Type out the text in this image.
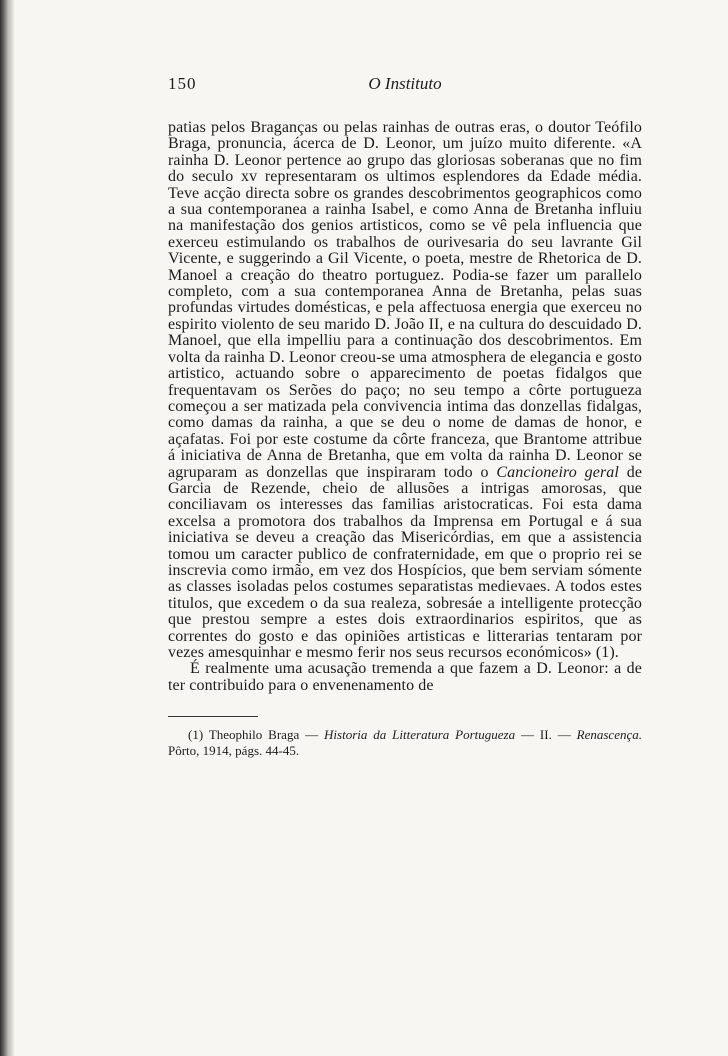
150	O Instituto

patias pelos Braganças ou pelas rainhas de outras eras, o doutor Teófilo Braga, pronuncia, ácerca de D. Leonor, um juízo muito diferente. «A rainha D. Leonor pertence ao grupo das gloriosas soberanas que no fim do seculo xv representaram os ultimos esplendores da Edade média. Teve acção directa sobre os grandes descobrimentos geographicos como a sua contemporanea a rainha Isabel, e como Anna de Bretanha influiu na manifestação dos genios artisticos, como se vê pela influencia que exerceu estimulando os trabalhos de ourivesaria do seu lavrante Gil Vicente, e suggerindo a Gil Vicente, o poeta, mestre de Rhetorica de D. Manoel a creação do theatro portuguez. Podia-se fazer um parallelo completo, com a sua contemporanea Anna de Bretanha, pelas suas profundas virtudes domésticas, e pela affectuosa energia que exerceu no espirito violento de seu marido D. João II, e na cultura do descuidado D. Manoel, que ella impelliu para a continuação dos descobrimentos. Em volta da rainha D. Leonor creou-se uma atmosphera de elegancia e gosto artistico, actuando sobre o apparecimento de poetas fidalgos que frequentavam os Serões do paço; no seu tempo a côrte portugueza começou a ser matizada pela convivencia intima das donzellas fidalgas, como damas da rainha, a que se deu o nome de damas de honor, e açafatas. Foi por este costume da côrte franceza, que Brantome attribue á iniciativa de Anna de Bretanha, que em volta da rainha D. Leonor se agruparam as donzellas que inspiraram todo o Cancioneiro geral de Garcia de Rezende, cheio de allusões a intrigas amorosas, que conciliavam os interesses das familias aristocraticas. Foi esta dama excelsa a promotora dos trabalhos da Imprensa em Portugal e á sua iniciativa se deveu a creação das Misericórdias, em que a assistencia tomou um caracter publico de confraternidade, em que o proprio rei se inscrevia como irmão, em vez dos Hospícios, que bem serviam sómente as classes isoladas pelos costumes separatistas medievaes. A todos estes titulos, que excedem o da sua realeza, sobresáe a intelligente protecção que prestou sempre a estes dois extraordinarios espiritos, que as correntes do gosto e das opiniões artisticas e litterarias tentaram por vezes amesquinhar e mesmo ferir nos seus recursos económicos» (1).

É realmente uma acusação tremenda a que fazem a D. Leonor: a de ter contribuido para o envenenamento de

(1) Theophilo Braga — Historia da Litteratura Portugueza — II. — Renascença. Pôrto, 1914, págs. 44-45.
